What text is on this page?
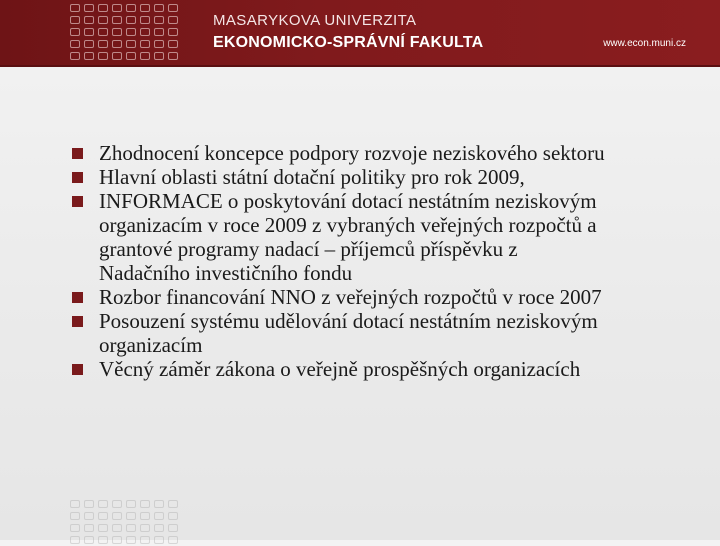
MASARYKOVA UNIVERZITA
EKONOMICKO-SPRÁVNÍ FAKULTA	www.econ.muni.cz
Zhodnocení koncepce podpory rozvoje neziskového sektoru
Hlavní oblasti státní dotační politiky pro rok 2009,
INFORMACE o poskytování dotací nestátním neziskovým
organizacím v roce 2009 z vybraných veřejných rozpočtů a
grantové programy nadací – příjemců příspěvku z
Nadačního investičního fondu
Rozbor financování NNO z veřejných rozpočtů v roce 2007
Posouzení systému udělování dotací nestátním neziskovým
organizacím
Věcný záměr zákona o veřejně prospěšných organizacích
